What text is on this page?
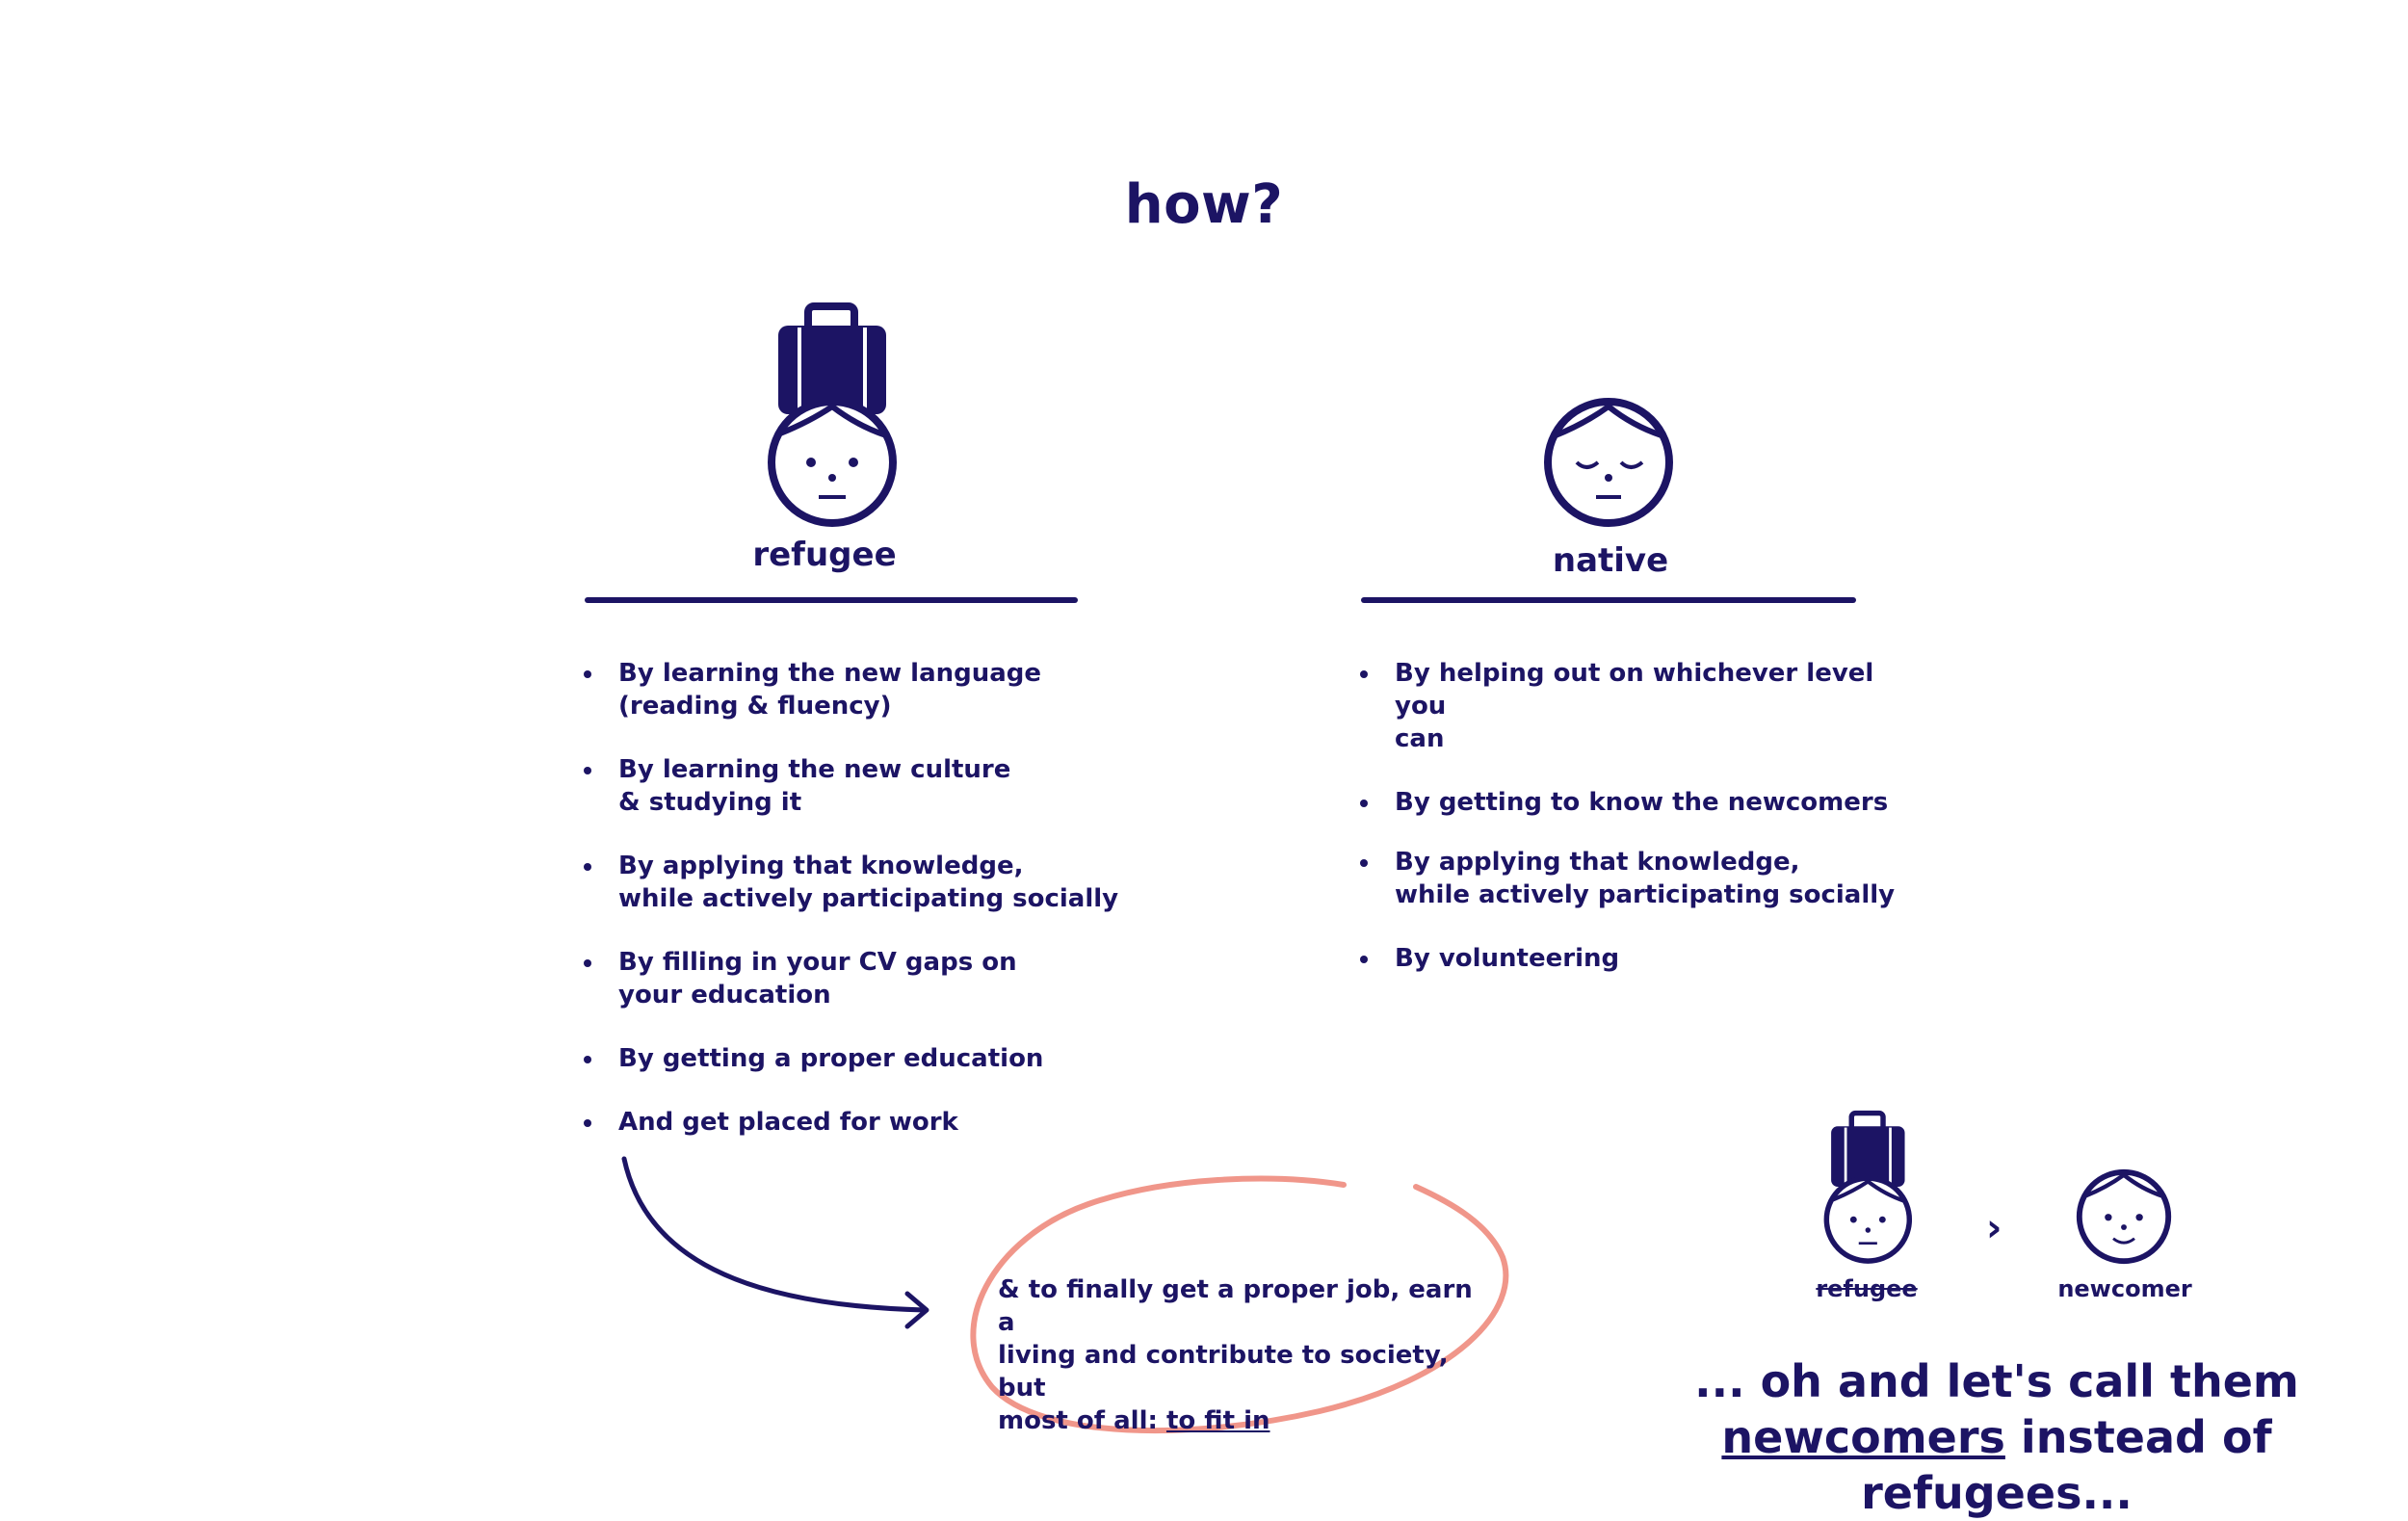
how?
refugee
By learning the new language
(reading & fluency)
By learning the new culture
& studying it
By applying that knowledge,
while actively participating socially
By filling in your CV gaps on
your education
By getting a proper education
And get placed for work
native
By helping out on whichever level you
can
By getting to know the newcomers
By applying that knowledge,
while actively participating socially
By volunteering
& to finally get a proper job, earn a
living and contribute to society, but
most of all: to fit in
refugee
›
newcomer
... oh and let's call them
newcomers instead of refugees...
